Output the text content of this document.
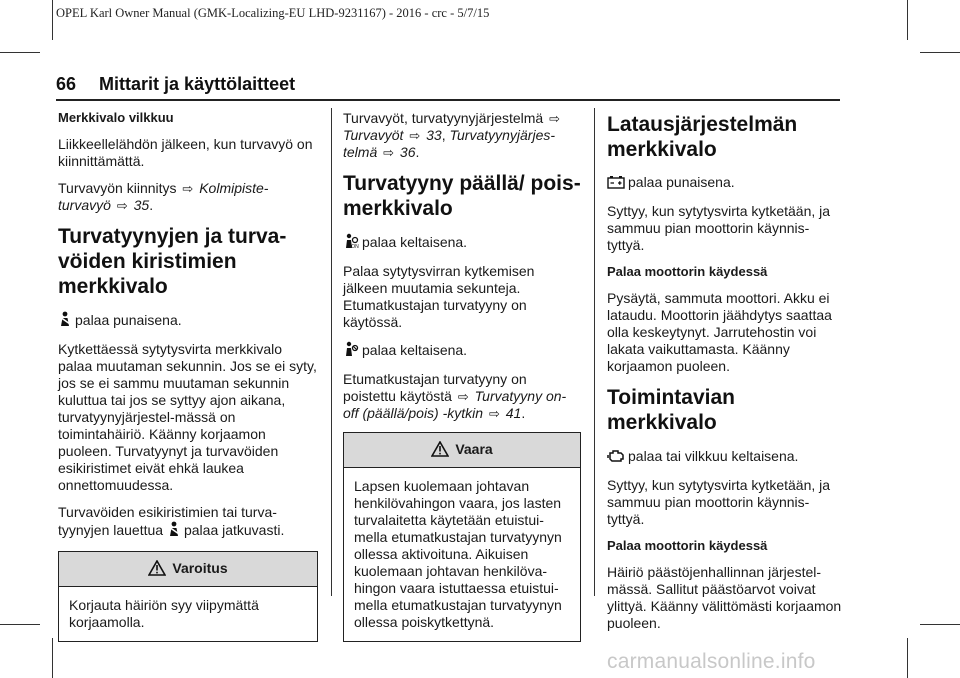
OPEL Karl Owner Manual (GMK-Localizing-EU LHD-9231167) - 2016 - crc - 5/7/15
66 Mittarit ja käyttölaitteet
Merkkivalo vilkkuu

Liikkeellelähdön jälkeen, kun turvavyö on kiinnittämättä.

Turvavyön kiinnitys ⇨ Kolmipiste-turvavyö ⇨ 35.

Turvatyynyjen ja turva-vöiden kiristimien merkkivalo

palaa punaisena.

Kytkettäessä sytytysvirta merkkivalo palaa muutaman sekunnin. Jos se ei syty, jos se ei sammu muutaman sekunnin kuluttua tai jos se syttyy ajon aikana, turvatyynyjärjestel-mässä on toimintahäiriö. Käänny korjaamon puoleen. Turvatyynyt ja turvavöiden esikiristimet eivät ehkä laukea onnettomuudessa.

Turvavöiden esikiristimien tai turva-tyynyjen lauettua palaa jatkuvasti.

Varoitus

Korjauta häiriön syy viipymättä korjaamolla.

Turvavyöt, turvatyynyjärjestelmä ⇨ Turvavyöt ⇨ 33, Turvatyynyjärjes-telmä ⇨ 36.

Turvatyyny päällä/ pois-merkkivalo

ON palaa keltaisena.

Palaa sytytysvirran kytkemisen jälkeen muutamia sekunteja. Etumatkustajan turvatyyny on käytössä.

palaa keltaisena.

Etumatkustajan turvatyyny on poistettu käytöstä ⇨ Turvatyyny on-off (päällä/pois) -kytkin ⇨ 41.

Vaara

Lapsen kuolemaan johtavan henkilövahingon vaara, jos lasten turvalaitetta käytetään etuistui-mella etumatkustajan turvatyynyn ollessa aktivoituna. Aikuisen kuolemaan johtavan henkilöva-hingon vaara istuttaessa etuistui-mella etumatkustajan turvatyynyn ollessa poiskytkettynä.

Latausjärjestelmän merkkivalo

palaa punaisena.

Syttyy, kun sytytysvirta kytketään, ja sammuu pian moottorin käynnis-tyttyä.

Palaa moottorin käydessä

Pysäytä, sammuta moottori. Akku ei lataudu. Moottorin jäähdytys saattaa olla keskeytynyt. Jarrutehostin voi lakata vaikuttamasta. Käänny korjaamon puoleen.

Toimintavian merkkivalo

palaa tai vilkkuu keltaisena.

Syttyy, kun sytytysvirta kytketään, ja sammuu pian moottorin käynnis-tyttyä.

Palaa moottorin käydessä

Häiriö päästöjenhallinnan järjestel-mässä. Sallitut päästöarvot voivat ylittyä. Käänny välittömästi korjaamon puoleen.

carmanualsonline.info
